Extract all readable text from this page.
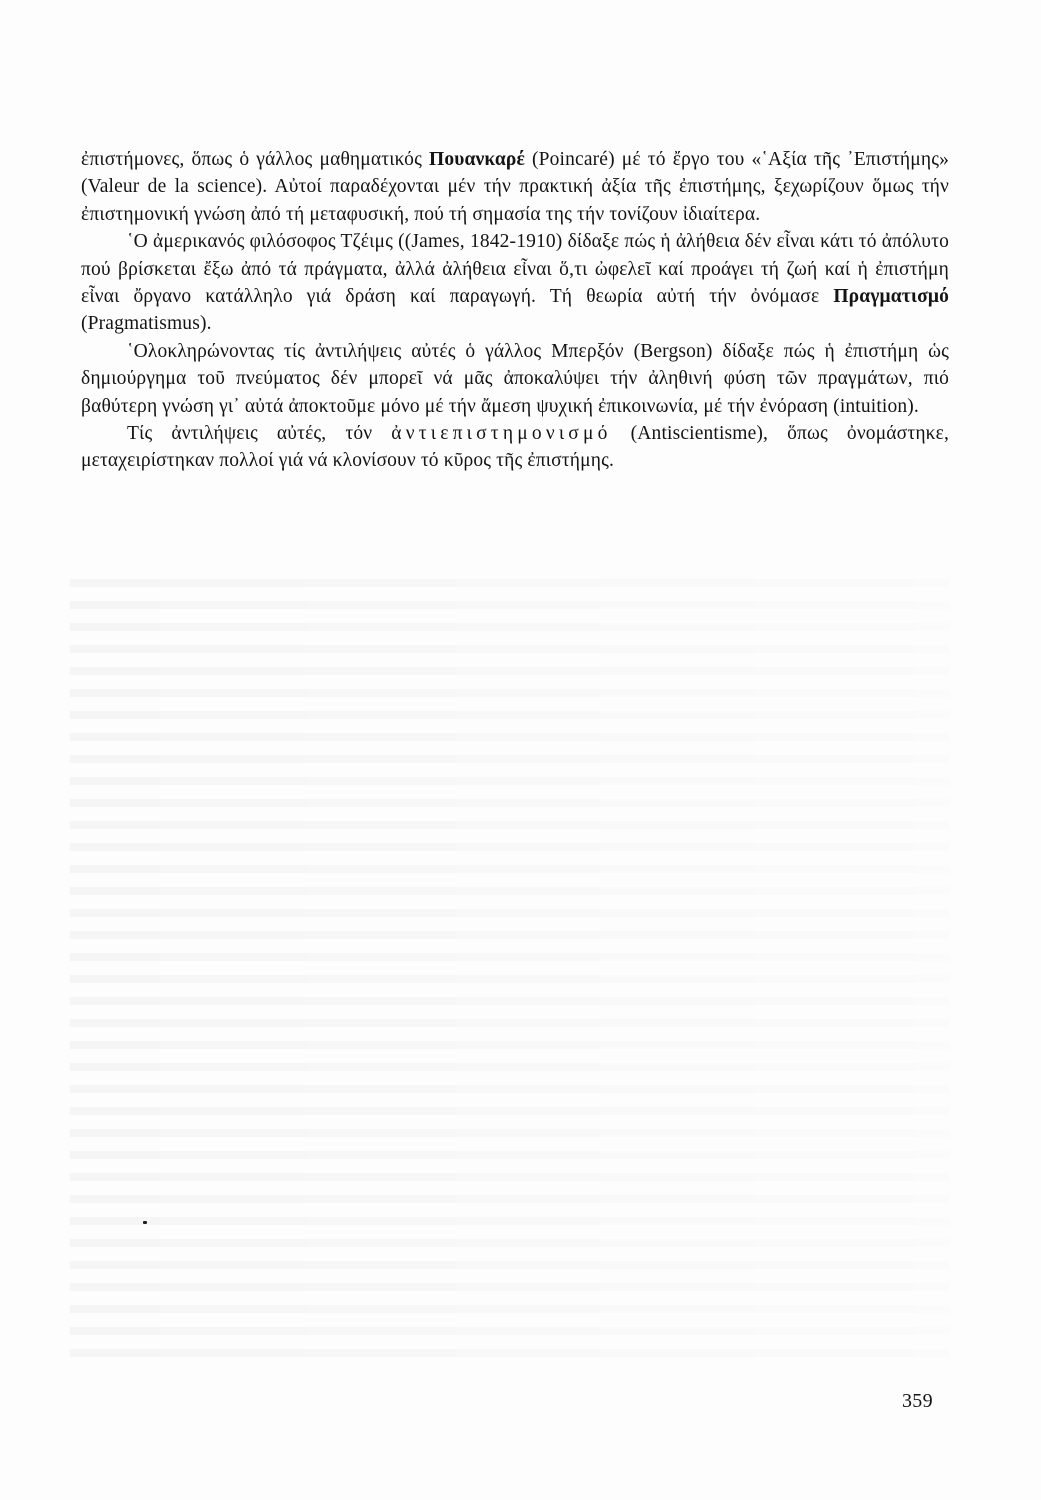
ἐπιστήμονες, ὅπως ὁ γάλλος μαθηματικός Πουανκαρέ (Poincaré) μέ τό ἔργο του «῾Αξία τῆς ᾿Επιστήμης» (Valeur de la science). Αὐτοί παραδέχονται μέν τήν πρακτική ἀξία τῆς ἐπιστήμης, ξεχωρίζουν ὅμως τήν ἐπιστημονική γνώση ἀπό τή μεταφυσική, πού τή σημασία της τήν τονίζουν ἰδιαίτερα.

῾Ο ἀμερικανός φιλόσοφος Τζέιμς ((James, 1842-1910) δίδαξε πώς ἡ ἀλήθεια δέν εἶναι κάτι τό ἀπόλυτο πού βρίσκεται ἔξω ἀπό τά πράγματα, ἀλλά ἀλήθεια εἶναι ὅ,τι ὠφελεῖ καί προάγει τή ζωή καί ἡ ἐπιστήμη εἶναι ὄργανο κατάλληλο γιά δράση καί παραγωγή. Τή θεωρία αὐτή τήν ὀνόμασε Πραγματισμό (Pragmatismus).

῾Ολοκληρώνοντας τίς ἀντιλήψεις αὐτές ὁ γάλλος Μπερξόν (Bergson) δίδαξε πώς ἡ ἐπιστήμη ὡς δημιούργημα τοῦ πνεύματος δέν μπορεῖ νά μᾶς ἀποκαλύψει τήν ἀληθινή φύση τῶν πραγμάτων, πιό βαθύτερη γνώση γι᾿ αὐτά ἀποκτοῦμε μόνο μέ τήν ἄμεση ψυχική ἐπικοινωνία, μέ τήν ἐνόραση (intuition).

Τίς ἀντιλήψεις αὐτές, τόν ἀντιεπιστημονισμό (Antiscientisme), ὅπως ὀνομάστηκε, μεταχειρίστηκαν πολλοί γιά νά κλονίσουν τό κῦρος τῆς ἐπιστήμης.

359
